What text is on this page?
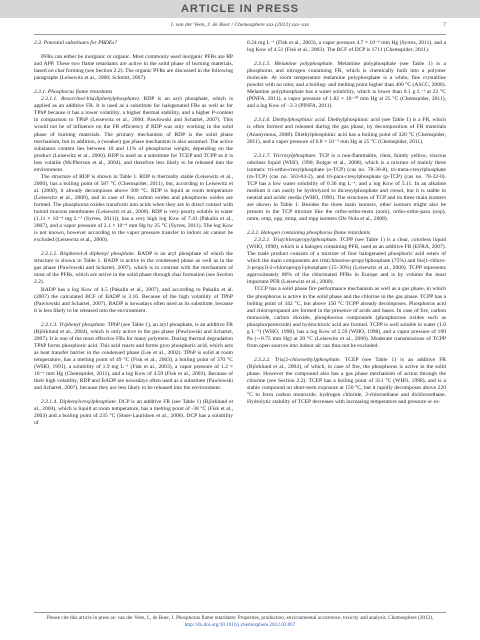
ARTICLE IN PRESS
I. van der Veen, J. de Boer / Chemosphere xxx (2012) xxx–xxx	7
2.3. Potential substitutes for PBDEs?
PFRs can either be inorganic or organic. Most commonly used inorganic PFRs are RP and APP. These two flame retardants are active in the solid phase of burning materials, based on char forming (see Section 2.2). The organic PFRs are discussed in the following paragraphs (Leisewitz et al., 2000; Schmitt, 2007).
2.3.1. Phosphorus flame retardants
2.3.1.1. Resorcinol-bis(diphenylphosphate). RDP is an aryl phosphate, which is applied as an additive FR. It is used as a substitute for halogenated FRs as well as for TPhP because it has a lower volatility, a higher thermal stability, and a higher P-content in comparison to TPhP (Leisewitz et al., 2000; Pawlowski and Schartel, 2007). This would not be of influence on the FR efficiency if RDP was only working in the solid phase of burning materials. The primary mechanism of RDP is the solid phase mechanism, but in addition, a (weaker) gas phase mechanism is also assumed. The active substance content lies between 10 and 11% of phosphorus weight, depending on the product (Leisewitz et al., 2000). RDP is used as a substitute for TCEP and TCPP as it is less volatile (McPherson et al., 2004), and therefore less likely to be released into the environment.
The structure of RDP is shown in Table 1. RDP is thermally stable (Leisewitz et al., 2000), has a boiling point of 587 °C (Chemspider, 2011), but, according to Leisewitz et al. (2000), it already decomposes above 300 °C. RDP is liquid at room temperature (Leisewitz et al., 2000), and in case of fire, carbon oxides and phosphorus oxides are formed. The phosphorus oxides transform into acids when they are in direct contact with humid mucous membranes (Leisewitz et al., 2000). RDP is very poorly soluble in water (1.11 × 10⁻⁴ mg L⁻¹ (Syrres, 2011)), has a very high log Kow of 7.41 (Pakalin et al., 2007), and a vapor pressure of 2.1 × 10⁻⁸ mm Hg by 25 °C (Syrres, 2011). The log Kow is not known, however according to the vapor pressure transfer to indoor air cannot be excluded (Leisewitz et al., 2000).
2.3.1.2. Bisphenol-A diphenyl phosphate. BADP is an aryl phosphate of which the structure is shown in Table 1. BADP is active in the condensed phase as well as in the gas phase (Pawlowski and Schartel, 2007), which is in contrast with the mechanism of most of the PFRs, which are active in the solid phase through char formation (see Section 2.2).
BADP has a log Kow of 4.5 (Pakalin et al., 2007), and according to Pakalin et al. (2007) the calculated BCF of BADP is 3.16. Because of the high volatility of TPhP (Pawlowski and Schartel, 2007), BADP is nowadays often used as its substitute, because it is less likely to be released into the environment.
2.3.1.3. Triphenyl phosphate. TPhP (see Table 1), an aryl phosphate, is an additive FR (Björklund et al., 2004), which is only active in the gas phase (Pawlowski and Schartel, 2007). It is one of the most effective FRs for many polymers. During thermal degradation TPhP forms phosphoric acid. This acid reacts and forms pyro phosphoric acid, which acts as heat transfer barrier in the condensed phase (Lee et al., 2002). TPhP is solid at room temperature, has a melting point of 49 °C (Fisk et al., 2003), a boiling point of 370 °C (WHO, 1991), a solubility of 1.9 mg L⁻¹ (Fisk et al., 2003), a vapor pressure of 1.2 × 10⁻⁶ mm Hg (Chemspider, 2011), and a log Kow of 4.59 (Fisk et al., 2003). Because of their high volatility, RDP and BADP are nowadays often used as a substitute (Pawlowski and Schartel, 2007), because they are less likely to be released into the environment.
2.3.1.4. Diphenylcresylphosphate. DCP is an additive FR (see Table 1) (Björklund et al., 2004), which is liquid at room temperature, has a melting point of -38 °C (Fisk et al., 2003) and a boiling point of 235 °C (Stuer-Lauridsen et al., 2006). DCP has a solubility of
0.24 mg L⁻¹ (Fisk et al., 2003), a vapor pressure 4.7 × 10⁻⁶ mm Hg (Syrres, 2011), and a log Kow of 4.51 (Fisk et al., 2003). The BCF of DCP is 1711 (Chemspider, 2011).
2.3.1.5. Melamine polyphosphate. Melamine polyphosphate (see Table 1) is a phosphorus and nitrogen containing FR, which is chemically built into a polymer molecule. At room temperature melamine polyphosphate is a white, fine crystalline powder with no odor, and a boiling- and melting point higher than 400 °C (ASCC, 2006). Melamine polyphosphate has a water solubility, which is lower than 0.1 g L⁻¹ at 22 °C (PINFA, 2011), a vapor pressure of 1.82 × 10⁻¹⁰ mm Hg at 25 °C (Chemspider, 2011), and a log Kow of −2.3 (PINFA, 2011).
2.3.1.6. Diethylphosphinic acid. Diethylphosphinic acid (see Table 1) is a FR, which is often formed and released during the gas phase, by decomposition of FR materials (Anonymous, 2008). Diethylphosphinic acid has a boiling point of 320 °C (Chemspider, 2011), and a vapor pressure of 6.8 × 10⁻⁵ mm Hg at 25 °C (Chemspider, 2011).
2.3.1.7. Tricresylphosphate. TCP is a non-flammable, clear, faintly yellow, viscous odorless liquid (WHO, 1990; Bolgar et al., 2008), which is a mixture of mainly three isomers: tri-ortho-cresylphosphate (o-TCP) (cas no. 78-30-8), tri-meta-cresylphosphate (m-TCP) (cas no. 563-04-2), and tri-para-cresylphosphate (p-TCP) (cas no. 78-32-0). TCP has a low water solubility of 0.36 mg L⁻¹, and a log Kow of 5.11. In an alkaline medium it can easily be hydrolyzed to dicresylphosphate and cresol, but it is stable in neutral and acidic media (WHO, 1990). The structures of TCP and its three main isomers are shown in Table 1. Besides the three main isomers, other isomers might also be present in the TCP mixture like the ortho-ortho-meta (oom), ortho-ortho-para (oop), omm, omp, opp, mmp, and mpp isomers (De Nola et al., 2008).
2.3.2. Halogen containing phosphorus flame retardants
2.3.2.1. Tris(chloropropyl)phosphate. TCPP (see Table 1) is a clear, colorless liquid (WHO, 1998), which is a halogen containing PFR, used as an additive FR (EFRA, 2007). The trade product consists of a mixture of four halogenated phosphoric acid esters of which the main components are tris(chloroiso-propyl)phosphate (75%) and bis(1-chloro-2-propyl)-2-chloropropyl-phosphate (15–30%) (Leisewitz et al., 2000). TCPP represents approximately 80% of the chlorinated PFRs in Europe and is by volume the most important PFR (Leisewitz et al., 2000).
TCCP has a solid phase fire performance mechanism as well as a gas phase, in which the phosphorus is active in the solid phase and the chlorine in the gas phase. TCPP has a boiling point of 342 °C, but above 150 °C TCPP already decomposes. Phosphorus acid and chloropropanol are formed in the presence of acids and bases. In case of fire, carbon monoxide, carbon dioxide, phosphorous compounds (phosphorous oxides such as phosphorpentoxide) and hydrochloric acid are formed. TCPP is well soluble in water (1.6 g L⁻¹) (WHO, 1998), has a log Kow of 2.59 (WHO, 1998), and a vapor pressure of 100 Pa (∼0.75 mm Hg) at 20 °C (Leisewitz et al., 2000). Moderate transmissions of TCPP from open sources into indoor air can thus not be excluded.
2.3.2.2. Tris(2-chloroethyl)phosphate. TCEP (see Table 1) is an additive FR (Björklund et al., 2004), of which, in case of fire, the phosphorus is active in the solid phase. However the compound also has a gas phase mechanism of action through the chlorine (see Section 2.2). TCEP has a boiling point of 351 °C (WHO, 1998), and is a stable compound on short-term exposure at 150 °C, but it rapidly decomposes above 220 °C to form carbon monoxide, hydrogen chloride, 2-chloroethane and dichloroethane. Hydrolytic stability of TCEP decreases with increasing temperature and pressure or ex-
Please cite this article in press as: van der Veen, I., de Boer, J. Phosphorus flame retardants: Properties, production, environmental occurrence, toxicity and analysis. Chemosphere (2012), http://dx.doi.org/10.1016/j.chemosphere.2012.03.067
